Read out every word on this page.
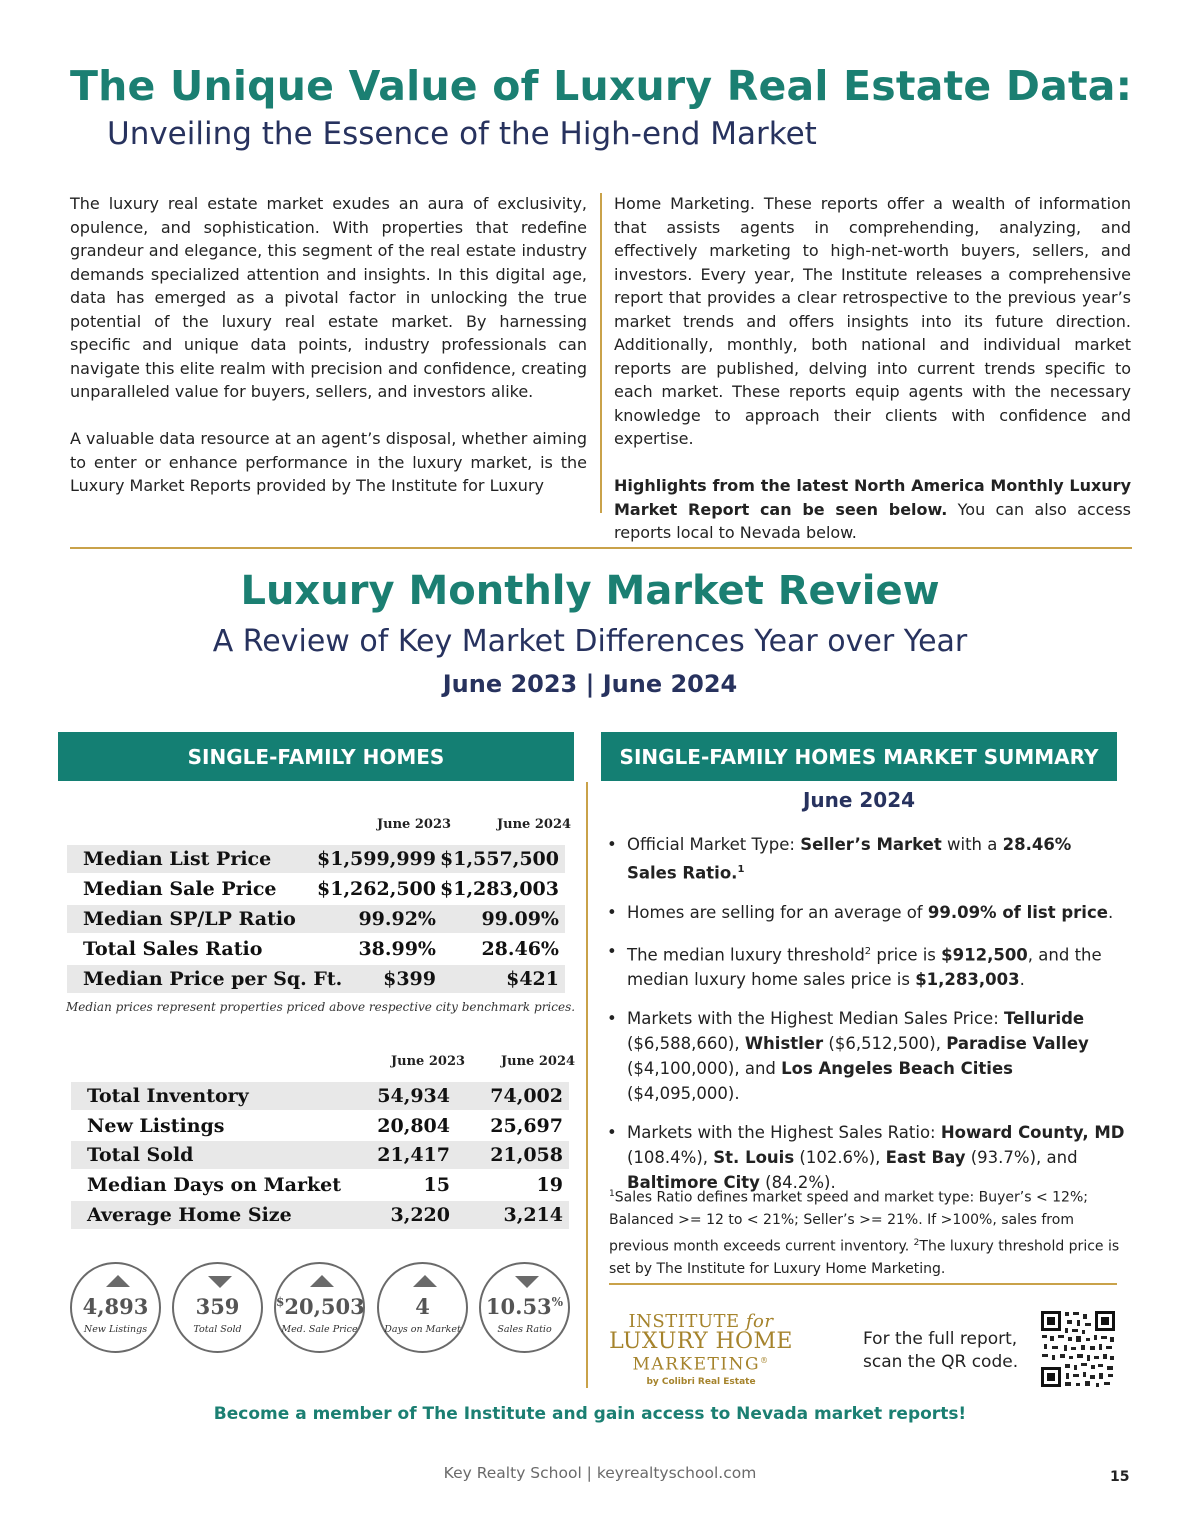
The Unique Value of Luxury Real Estate Data:
Unveiling the Essence of the High-end Market

The luxury real estate market exudes an aura of exclusivity, opulence, and sophistication. With properties that redefine grandeur and elegance, this segment of the real estate industry demands specialized attention and insights. In this digital age, data has emerged as a pivotal factor in unlocking the true potential of the luxury real estate market. By harnessing specific and unique data points, industry professionals can navigate this elite realm with precision and confidence, creating unparalleled value for buyers, sellers, and investors alike.

A valuable data resource at an agent’s disposal, whether aiming to enter or enhance performance in the luxury market, is the Luxury Market Reports provided by The Institute for Luxury

Home Marketing. These reports offer a wealth of information that assists agents in comprehending, analyzing, and effectively marketing to high-net-worth buyers, sellers, and investors. Every year, The Institute releases a comprehensive report that provides a clear retrospective to the previous year’s market trends and offers insights into its future direction. Additionally, monthly, both national and individual market reports are published, delving into current trends specific to each market. These reports equip agents with the necessary knowledge to approach their clients with confidence and expertise.

Highlights from the latest North America Monthly Luxury Market Report can be seen below. You can also access reports local to Nevada below.

Luxury Monthly Market Review
A Review of Key Market Differences Year over Year
June 2023 | June 2024
SINGLE-FAMILY HOMES	SINGLE-FAMILY HOMES MARKET SUMMARY
June 2023	June 2024
Median List Price $1,599,999 $1,557,500
Median Sale Price $1,262,500 $1,283,003
Median SP/LP Ratio	99.92% 99.09%
Total Sales Ratio	38.99% 28.46%
Median Price per Sq. Ft. $399	$421
Median prices represent properties priced above respective city benchmark prices.
June 2023	June 2024
Total Inventory	54,934 74,002
New Listings	20,804 25,697
Total Sold	21,417 21,058
Median Days on Market	15	19
Average Home Size	3,220	3,214
4,893
New Listings
359
Total Sold
$20,503
Med. Sale Price
4
Days on Market
10.53%
Sales Ratio
June 2024
• Official Market Type: Seller’s Market with a 28.46% Sales Ratio.$^1$
• Homes are selling for an average of 99.09% of list price.
• The median luxury threshold$^2$ price is $912,500, and the median luxury home sales price is $1,283,003.
• Markets with the Highest Median Sales Price: Telluride ($6,588,660), Whistler ($6,512,500), Paradise Valley ($4,100,000), and Los Angeles Beach Cities ($4,095,000).
• Markets with the Highest Sales Ratio: Howard County, MD (108.4%), St. Louis (102.6%), East Bay (93.7%), and Baltimore City (84.2%).
$^1$Sales Ratio defines market speed and market type: Buyer’s < 12%; Balanced >= 12 to < 21%; Seller’s >= 21%. If >100%, sales from previous month exceeds current inventory. $^2$The luxury threshold price is set by The Institute for Luxury Home Marketing.
INSTITUTE for
LUXURY HOME
MARKETING®
by Colibri Real Estate
For the full report,
scan the QR code.
Become a member of The Institute and gain access to Nevada market reports!
Key Realty School | keyrealtyschool.com	15
